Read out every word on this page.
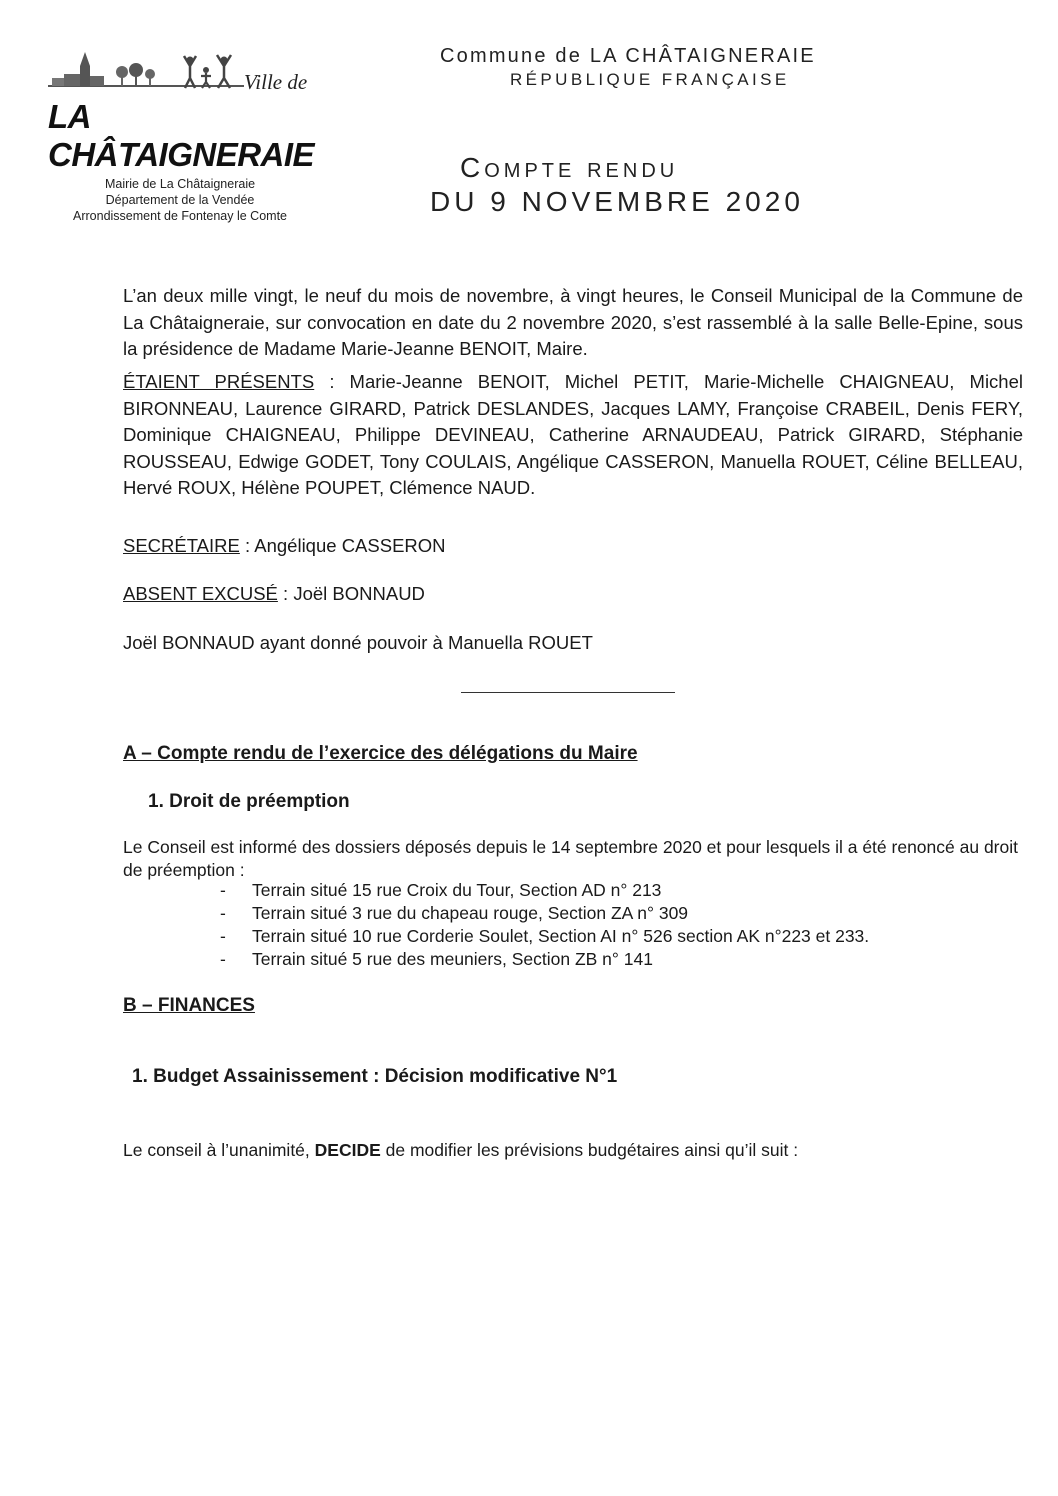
Ville de
LA CHÂTAIGNERAIE
Commune de LA CHÂTAIGNERAIE
RÉPUBLIQUE FRANÇAISE
Compte rendu
DU 9 NOVEMBRE 2020
Mairie de La Châtaigneraie
Département de la Vendée
Arrondissement de Fontenay le Comte
L’an deux mille vingt, le neuf du mois de novembre, à vingt heures, le Conseil Municipal de la Commune de La Châtaigneraie, sur convocation en date du 2 novembre 2020, s’est rassemblé à la salle Belle-Epine, sous la présidence de Madame Marie-Jeanne BENOIT, Maire.
ÉTAIENT PRÉSENTS : Marie-Jeanne BENOIT, Michel PETIT, Marie-Michelle CHAIGNEAU, Michel BIRONNEAU, Laurence GIRARD, Patrick DESLANDES, Jacques LAMY, Françoise CRABEIL, Denis FERY, Dominique CHAIGNEAU, Philippe DEVINEAU, Catherine ARNAUDEAU, Patrick GIRARD, Stéphanie ROUSSEAU, Edwige GODET, Tony COULAIS, Angélique CASSERON, Manuella ROUET, Céline BELLEAU, Hervé ROUX, Hélène POUPET, Clémence NAUD.
SECRÉTAIRE : Angélique CASSERON
ABSENT EXCUSÉ : Joël BONNAUD
Joël BONNAUD ayant donné pouvoir à Manuella ROUET
A – Compte rendu de l’exercice des délégations du Maire
1. Droit de préemption
Le Conseil est informé des dossiers déposés depuis le 14 septembre 2020 et pour lesquels il a été renoncé au droit de préemption :
- Terrain situé 15 rue Croix du Tour, Section AD n° 213
- Terrain situé 3 rue du chapeau rouge, Section ZA n° 309
- Terrain situé 10 rue Corderie Soulet, Section AI n° 526 section AK n°223 et 233.
- Terrain situé 5 rue des meuniers, Section ZB n° 141
B – FINANCES
1. Budget Assainissement : Décision modificative N°1
Le conseil à l’unanimité, DECIDE de modifier les prévisions budgétaires ainsi qu’il suit :
